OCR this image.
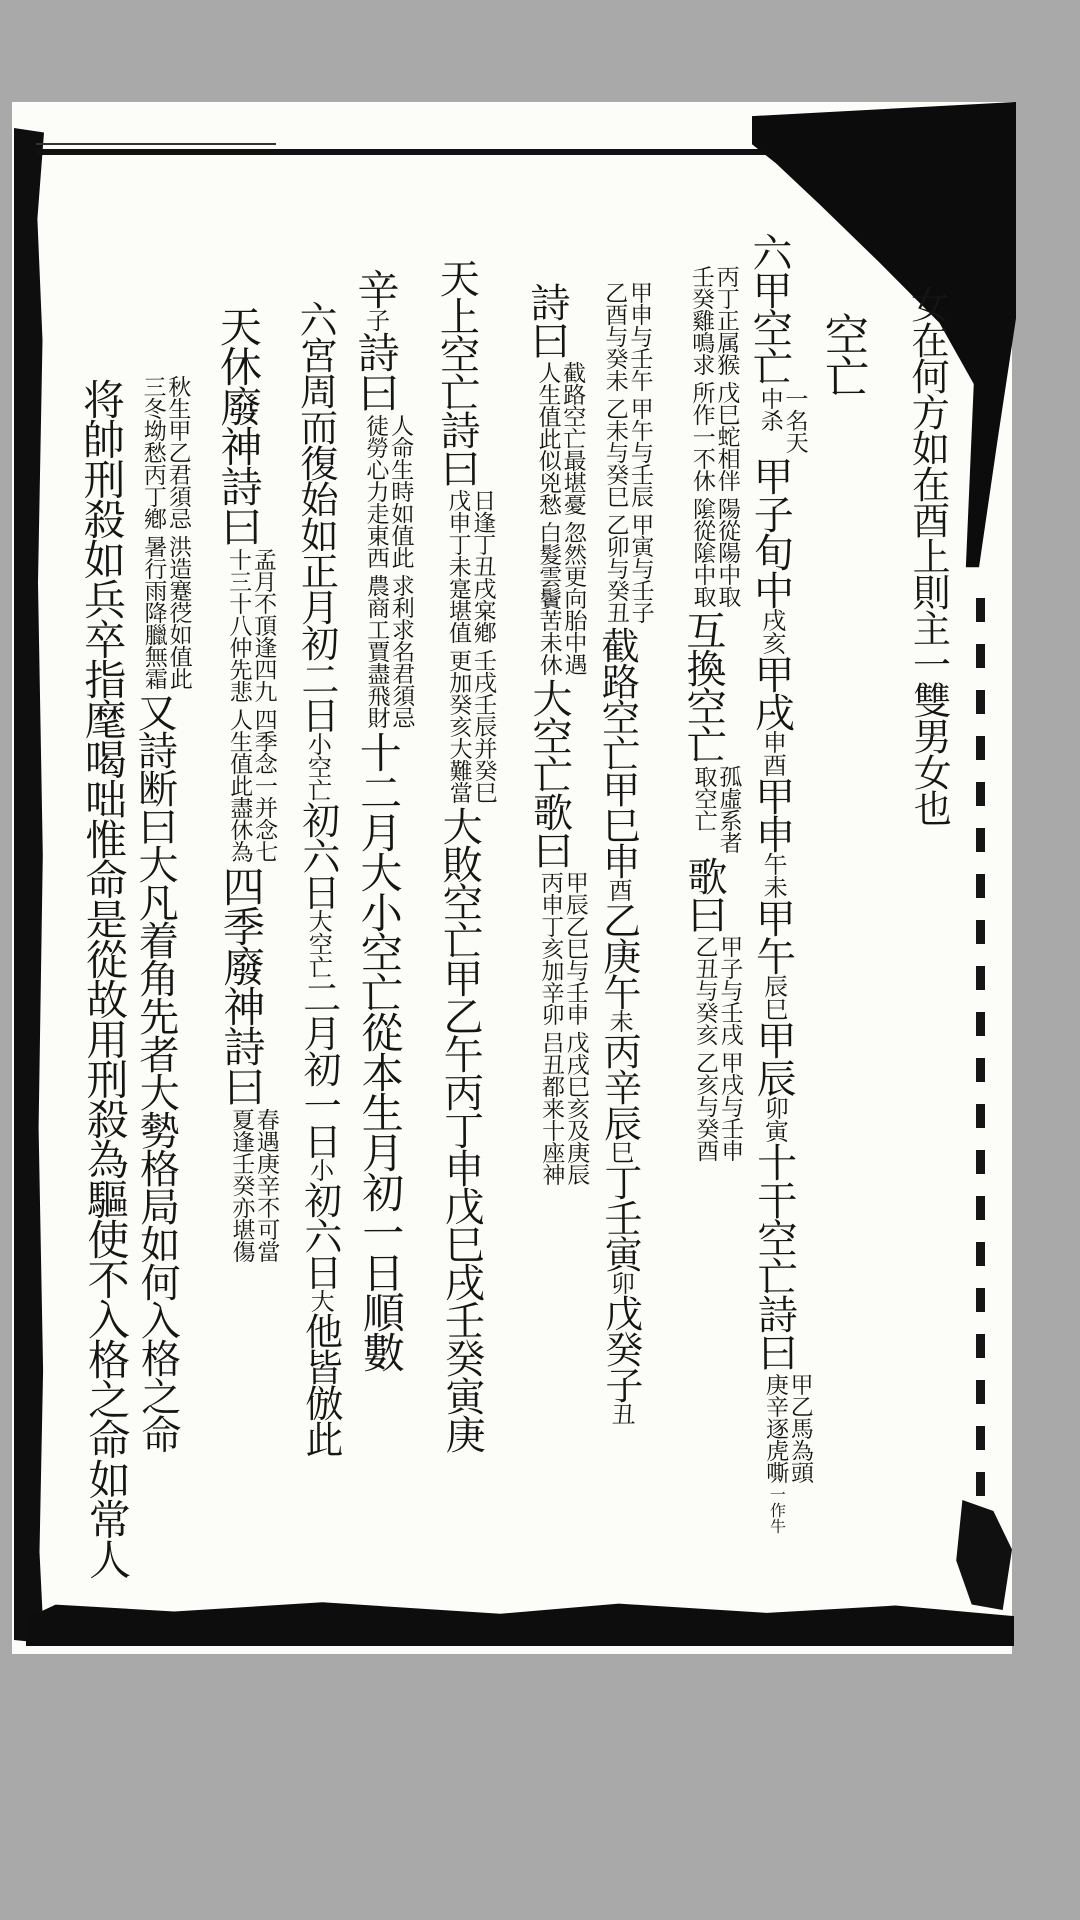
女在何方如在酉上則主一雙男女也
空亡
六甲空亡
一名天
中杀
甲子旬中戌亥甲戌申酉甲申午未甲午辰巳甲辰卯寅十干空亡詩曰
甲乙馬為頭
庚辛逐虎嘶
一作牛
丙丁正属猴
壬癸雞鳴求
戊巳蛇相伴
所作一不休
陽從陽中取
隂從隂中取
互換空亡
孤虛系者
取空亡
歌曰
甲子与壬戌
乙丑与癸亥
甲戌与壬申
乙亥与癸酉
甲申与壬午
乙酉与癸未
甲午与壬辰
乙未与癸巳
甲寅与壬子
乙卯与癸丑
截路空亡甲巳申酉乙庚午未丙辛辰巳丁壬寅卯戊癸子丑
詩曰
截路空亡最堪憂
人生值此似兇愁
忽然更向胎中遇
白髮雲鬢苦未休
大空亡歌曰
甲辰乙巳与壬申
丙申丁亥加辛卯
戊戌巳亥及庚辰
吕丑都来十座神
天上空亡詩曰
日逢丁丑戌宲鄕
戊申丁未寔堪值
壬戌壬辰并癸巳
更加癸亥大難當
大敗空亡甲乙午丙丁申戊巳戌壬癸寅庚
辛子詩曰
人命生時如值此
徒勞心力走東西
求利求名君須忌
農商工賈盡飛財
十二月大小空亡從本生月初一日順數
六宮周而復始如正月初二日小空亡初六日大空亡二月初一日小初六日大他皆倣此
天休廢神詩曰
孟月不頂逢四九
十三十八仲先悲
四季念一并念七
人生值此盡休為
四季廢神詩曰
春遇庚辛不可當
夏逢壬癸亦堪傷
秋生甲乙君須忌
三冬坳愁丙丁鄕
洪造蹇徔如值此
暑行雨降臘無霜
又詩断曰大凡着角先者大勢格局如何入格之命
将帥刑殺如兵卒指麾喝咄惟命是從故用刑殺為驅使不入格之命如常人
